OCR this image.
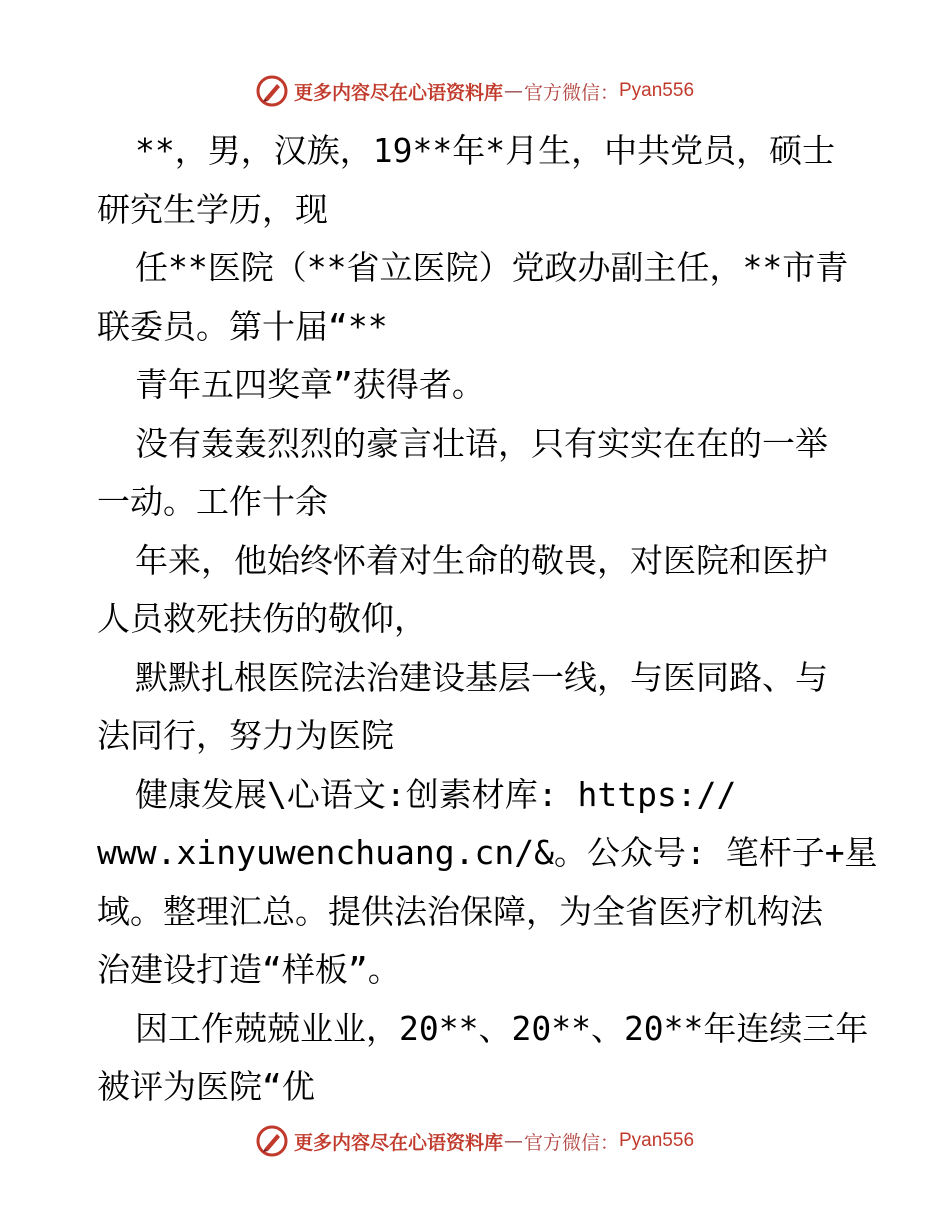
更多内容尽在心语资料库 — 官方微信： Pyan556
**，男，汉族，19**年*月生，中共党员，硕士
研究生学历，现
任**医院（**省立医院）党政办副主任，**市青
联委员。第十届“**
青年五四奖章”获得者。
没有轰轰烈烈的豪言壮语，只有实实在在的一举
一动。工作十余
年来，他始终怀着对生命的敬畏，对医院和医护
人员救死扶伤的敬仰，
默默扎根医院法治建设基层一线，与医同路、与
法同行，努力为医院
健康发展\心语文:创素材库: https://
www.xinyuwenchuang.cn/&。公众号: 笔杆子+星
域。整理汇总。提供法治保障，为全省医疗机构法
治建设打造“样板”。
因工作兢兢业业，20**、20**、20**年连续三年
被评为医院“优
更多内容尽在心语资料库 — 官方微信： Pyan556
